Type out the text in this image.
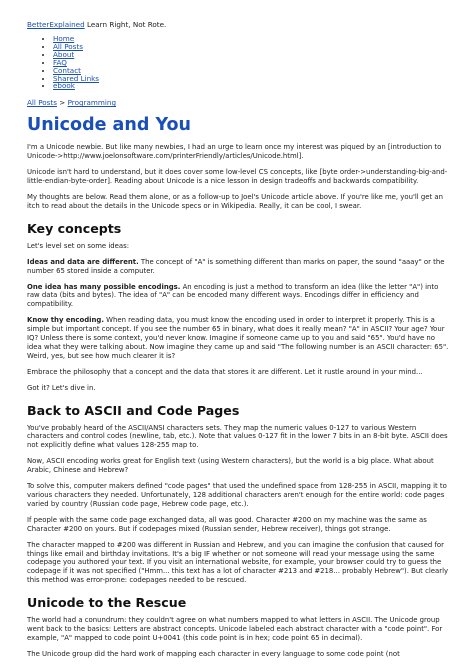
BetterExplained Learn Right, Not Rote.
• Home
• All Posts
• About
• FAQ
• Contact
• Shared Links
• ebook
All Posts > Programming
Unicode and You

I'm a Unicode newbie. But like many newbies, I had an urge to learn once my interest was piqued by an [introduction to Unicode->http://www.joelonsoftware.com/printerFriendly/articles/Unicode.html].

Unicode isn't hard to understand, but it does cover some low-level CS concepts, like [byte order->understanding-big-and-little-endian-byte-order]. Reading about Unicode is a nice lesson in design tradeoffs and backwards compatibility.

My thoughts are below. Read them alone, or as a follow-up to Joel's Unicode article above. If you're like me, you'll get an itch to read about the details in the Unicode specs or in Wikipedia. Really, it can be cool, I swear.

Key concepts

Let's level set on some ideas:

Ideas and data are different. The concept of "A" is something different than marks on paper, the sound "aaay" or the number 65 stored inside a computer.

One idea has many possible encodings. An encoding is just a method to transform an idea (like the letter "A") into raw data (bits and bytes). The idea of "A" can be encoded many different ways. Encodings differ in efficiency and compatibility.

Know thy encoding. When reading data, you must know the encoding used in order to interpret it properly. This is a simple but important concept. If you see the number 65 in binary, what does it really mean? "A" in ASCII? Your age? Your IQ? Unless there is some context, you'd never know. Imagine if someone came up to you and said "65". You'd have no idea what they were talking about. Now imagine they came up and said "The following number is an ASCII character: 65". Weird, yes, but see how much clearer it is?

Embrace the philosophy that a concept and the data that stores it are different. Let it rustle around in your mind...

Got it? Let's dive in.

Back to ASCII and Code Pages

You've probably heard of the ASCII/ANSI characters sets. They map the numeric values 0-127 to various Western characters and control codes (newline, tab, etc.). Note that values 0-127 fit in the lower 7 bits in an 8-bit byte. ASCII does not explicitly define what values 128-255 map to.

Now, ASCII encoding works great for English text (using Western characters), but the world is a big place. What about Arabic, Chinese and Hebrew?

To solve this, computer makers defined "code pages" that used the undefined space from 128-255 in ASCII, mapping it to various characters they needed. Unfortunately, 128 additional characters aren't enough for the entire world: code pages varied by country (Russian code page, Hebrew code page, etc.).

If people with the same code page exchanged data, all was good. Character #200 on my machine was the same as Character #200 on yours. But if codepages mixed (Russian sender, Hebrew receiver), things got strange.

The character mapped to #200 was different in Russian and Hebrew, and you can imagine the confusion that caused for things like email and birthday invitations. It's a big IF whether or not someone will read your message using the same codepage you authored your text. If you visit an international website, for example, your browser could try to guess the codepage if it was not specified ("Hmm... this text has a lot of character #213 and #218... probably Hebrew"). But clearly this method was error-prone: codepages needed to be rescued.

Unicode to the Rescue

The world had a conundrum: they couldn't agree on what numbers mapped to what letters in ASCII. The Unicode group went back to the basics: Letters are abstract concepts. Unicode labeled each abstract character with a "code point". For example, "A" mapped to code point U+0041 (this code point is in hex; code point 65 in decimal).

The Unicode group did the hard work of mapping each character in every language to some code point (not
